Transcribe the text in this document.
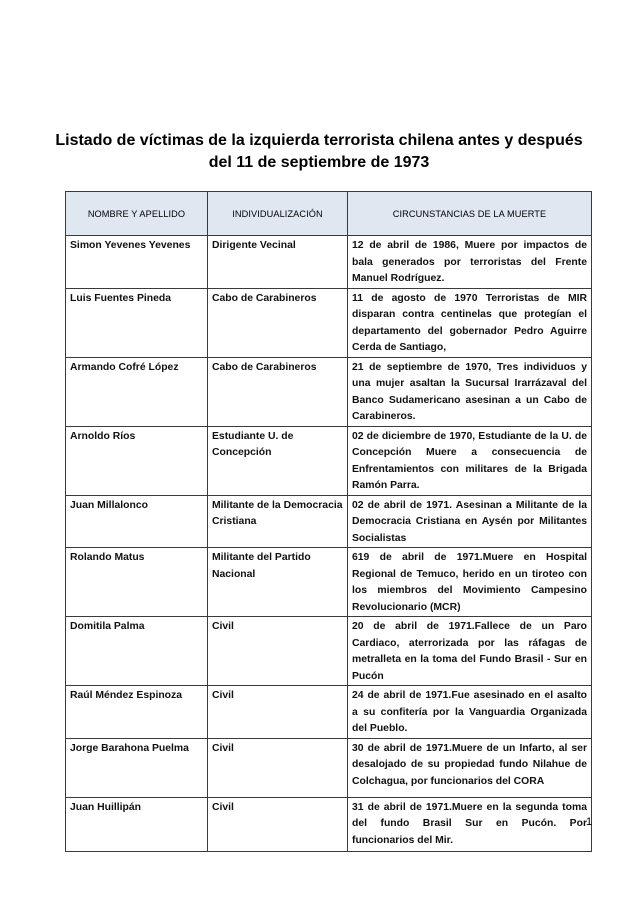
Listado de víctimas de la izquierda terrorista chilena antes y después
del 11 de septiembre de 1973
NOMBRE Y APELLIDO	INDIVIDUALIZACIÓN	CIRCUNSTANCIAS DE LA MUERTE
Simon Yevenes Yevenes	Dirigente Vecinal	12 de abril de 1986, Muere por impactos de bala generados por terroristas del Frente Manuel Rodríguez.
Luis Fuentes Pineda	Cabo de Carabineros	11 de agosto de 1970 Terroristas de MIR disparan contra centinelas que protegían el departamento del gobernador Pedro Aguirre Cerda de Santiago,
Armando Cofré López	Cabo de Carabineros	21 de septiembre de 1970, Tres individuos y una mujer asaltan la Sucursal Irarrázaval del Banco Sudamericano asesinan a un Cabo de Carabineros.
Arnoldo Ríos	Estudiante U. de Concepción	02 de diciembre de 1970, Estudiante de la U. de Concepción Muere a consecuencia de Enfrentamientos con militares de la Brigada Ramón Parra.
Juan Millalonco	Militante de la Democracia Cristiana	02 de abril de 1971. Asesinan a Militante de la Democracia Cristiana en Aysén por Militantes Socialistas
Rolando Matus	Militante del Partido Nacional	619 de abril de 1971.Muere en Hospital Regional de Temuco, herido en un tiroteo con los miembros del Movimiento Campesino Revolucionario (MCR)
Domitila Palma	Civil	20 de abril de 1971.Fallece de un Paro Cardiaco, aterrorizada por las ráfagas de metralleta en la toma del Fundo Brasil - Sur en Pucón
Raúl Méndez Espinoza	Civil	24 de abril de 1971.Fue asesinado en el asalto a su confitería por la Vanguardia Organizada del Pueblo.
Jorge Barahona Puelma	Civil	30 de abril de 1971.Muere de un Infarto, al ser desalojado de su propiedad fundo Nilahue de Colchagua, por funcionarios del CORA
Juan Huillipán	Civil	31 de abril de 1971.Muere en la segunda toma del fundo Brasil Sur en Pucón. Por funcionarios del Mir.
1
